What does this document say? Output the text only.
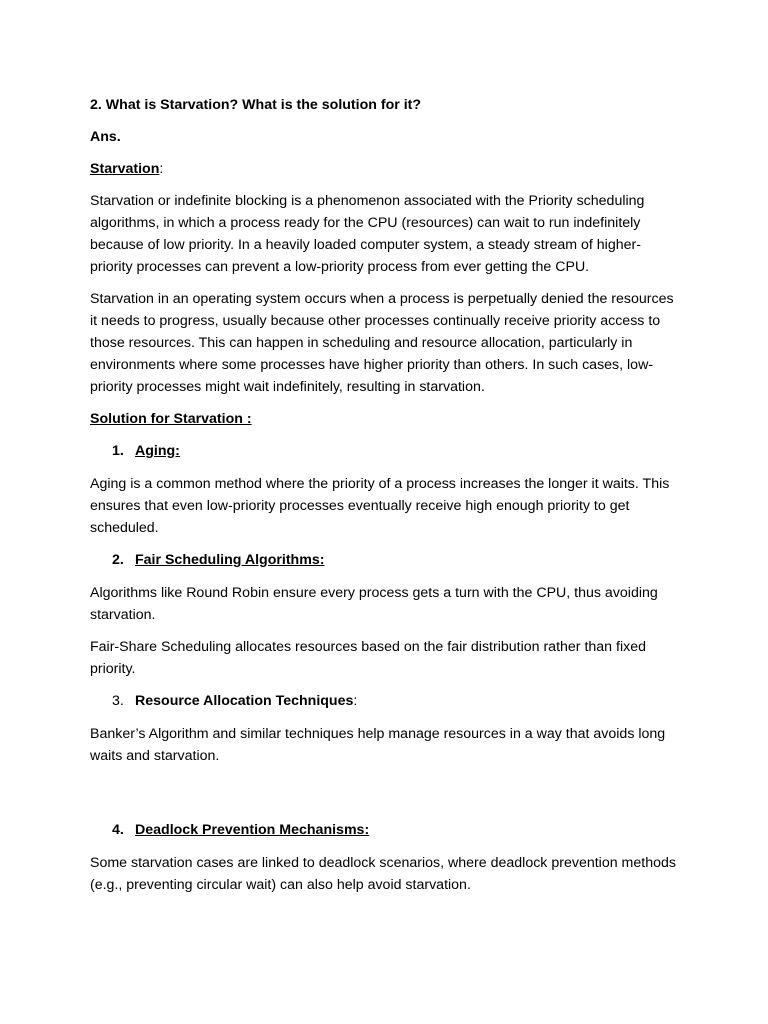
2. What is Starvation? What is the solution for it?

Ans.

Starvation:

Starvation or indefinite blocking is a phenomenon associated with the Priority scheduling algorithms, in which a process ready for the CPU (resources) can wait to run indefinitely because of low priority. In a heavily loaded computer system, a steady stream of higher-priority processes can prevent a low-priority process from ever getting the CPU.

Starvation in an operating system occurs when a process is perpetually denied the resources it needs to progress, usually because other processes continually receive priority access to those resources. This can happen in scheduling and resource allocation, particularly in environments where some processes have higher priority than others. In such cases, low-priority processes might wait indefinitely, resulting in starvation.

Solution for Starvation :

1. Aging:

Aging is a common method where the priority of a process increases the longer it waits. This ensures that even low-priority processes eventually receive high enough priority to get scheduled.

2. Fair Scheduling Algorithms:

Algorithms like Round Robin ensure every process gets a turn with the CPU, thus avoiding starvation.

Fair-Share Scheduling allocates resources based on the fair distribution rather than fixed priority.

3. Resource Allocation Techniques:

Banker’s Algorithm and similar techniques help manage resources in a way that avoids long waits and starvation.

4. Deadlock Prevention Mechanisms:

Some starvation cases are linked to deadlock scenarios, where deadlock prevention methods (e.g., preventing circular wait) can also help avoid starvation.
